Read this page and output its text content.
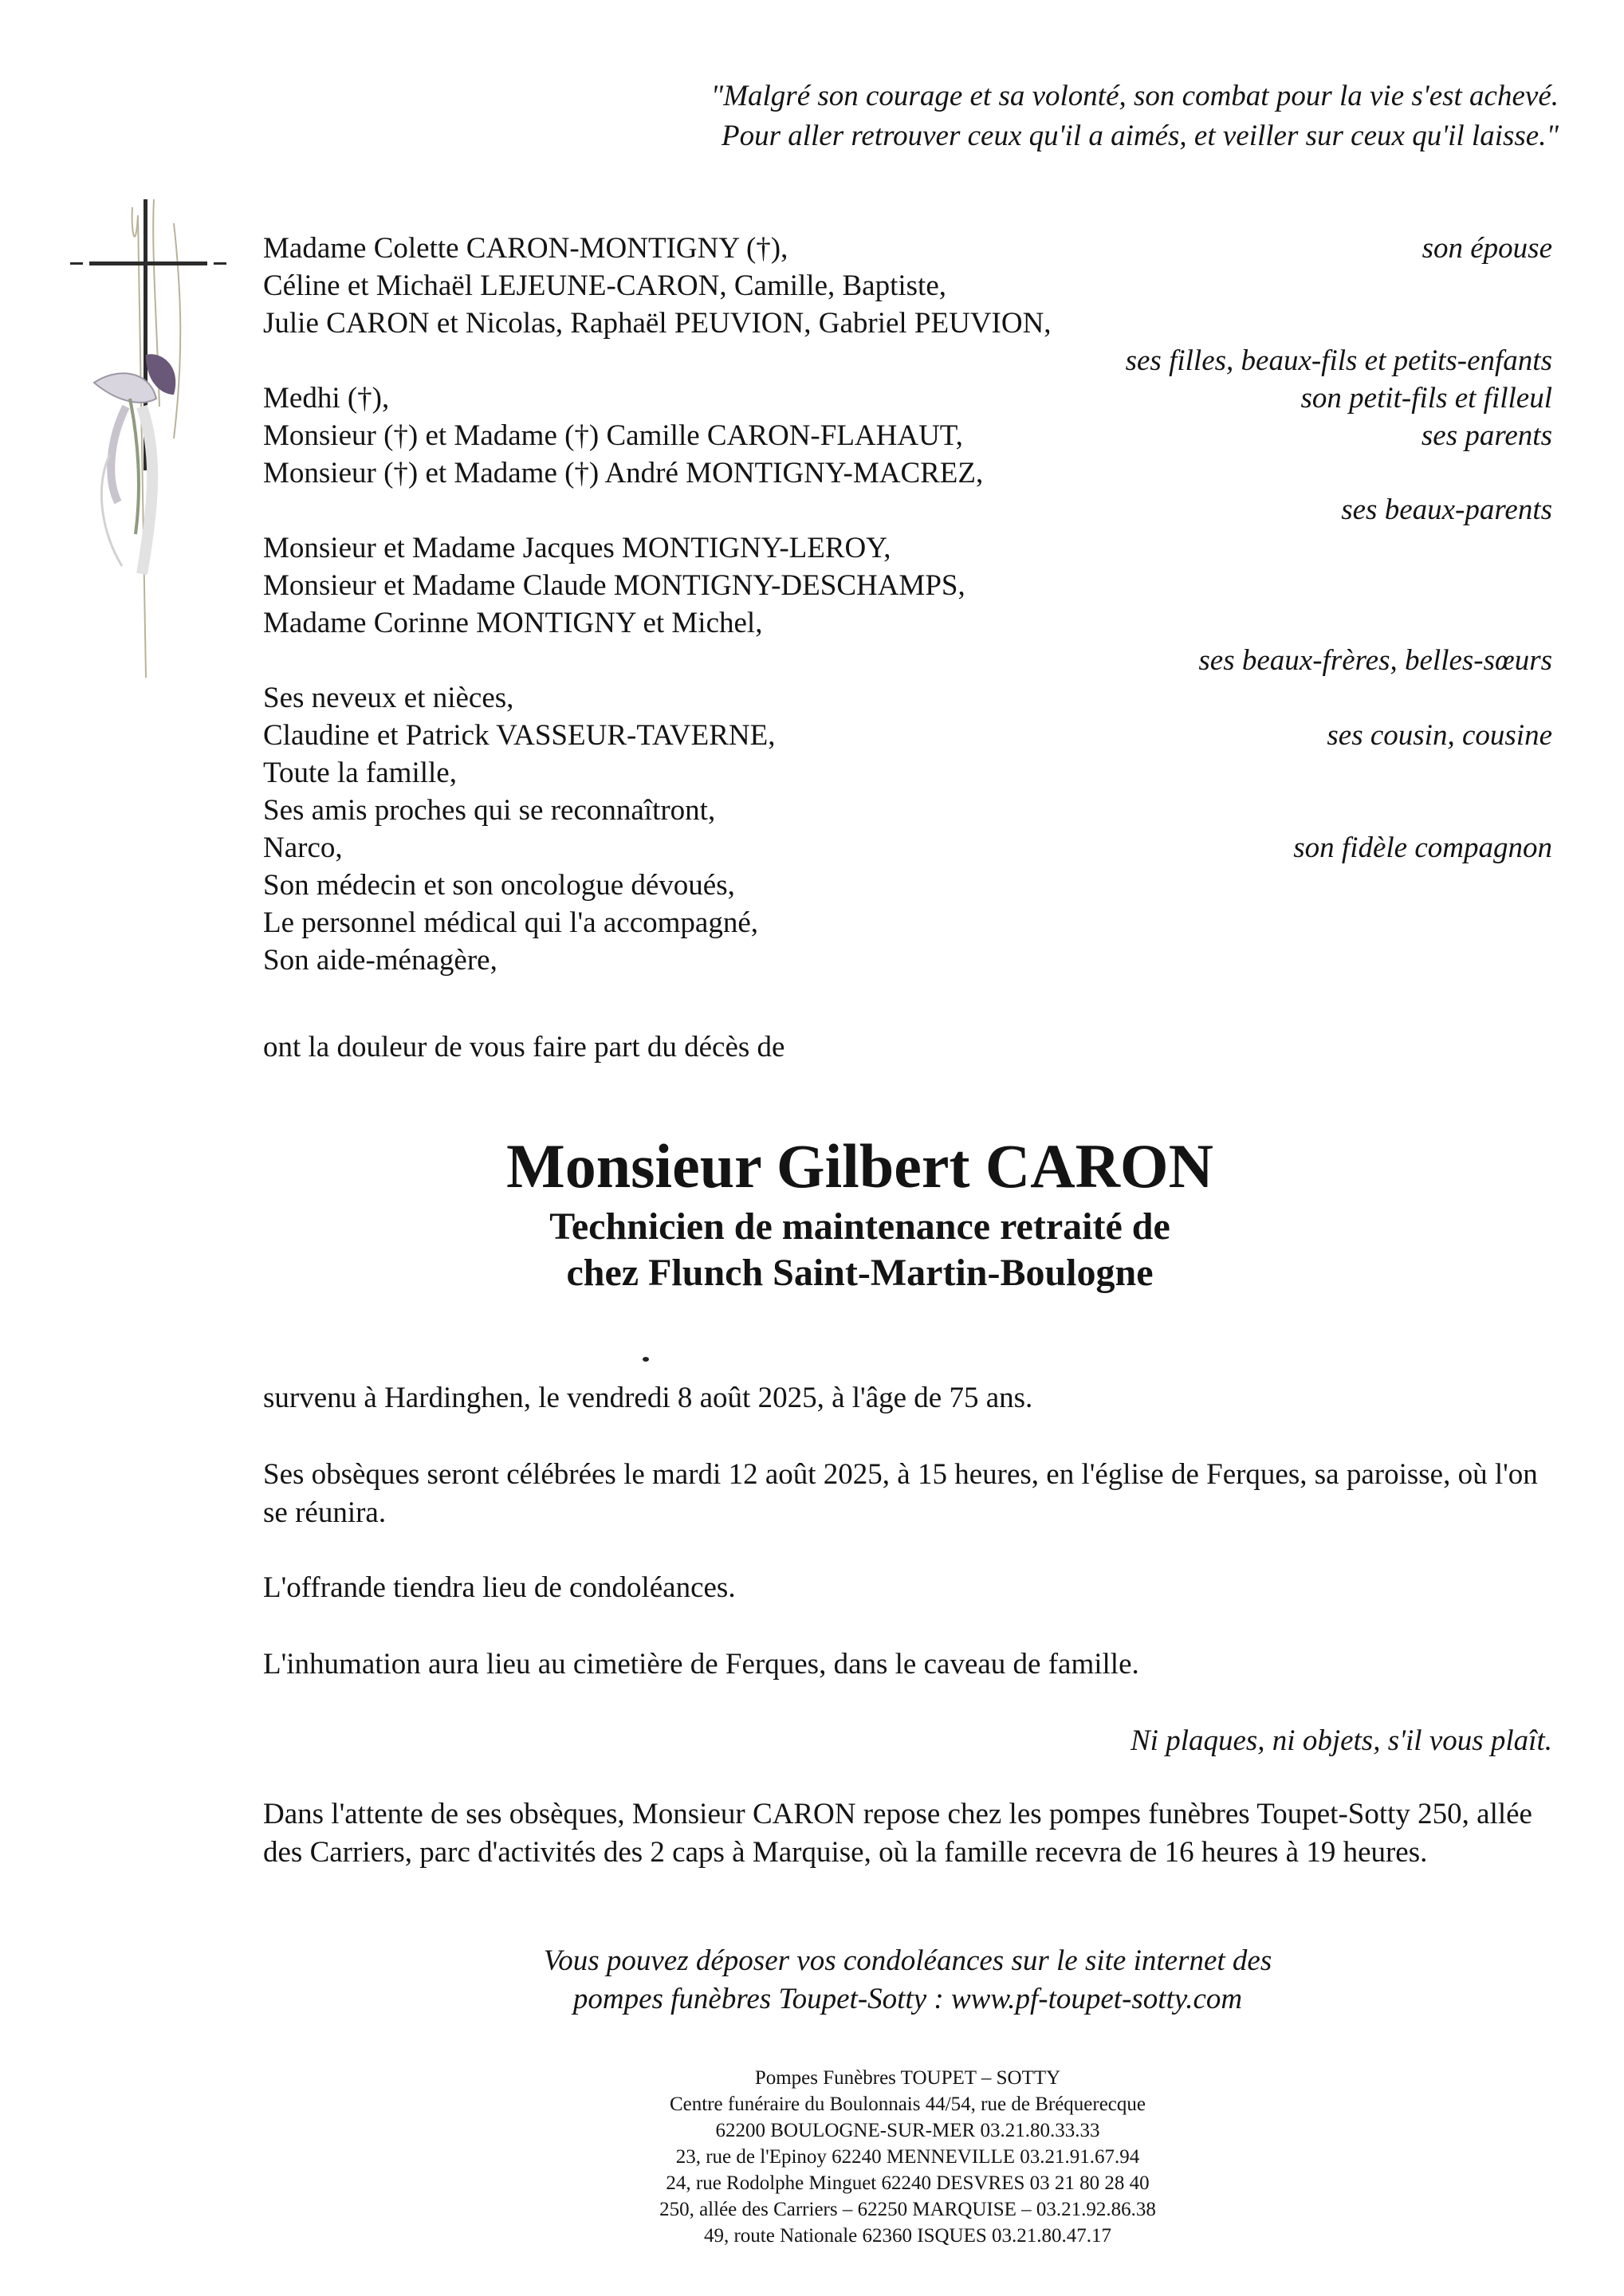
"Malgré son courage et sa volonté, son combat pour la vie s'est achevé.
Pour aller retrouver ceux qu'il a aimés, et veiller sur ceux qu'il laisse."
Madame Colette CARON-MONTIGNY (†),	son épouse
Céline et Michaël LEJEUNE-CARON, Camille, Baptiste,
Julie CARON et Nicolas, Raphaël PEUVION, Gabriel PEUVION,
ses filles, beaux-fils et petits-enfants
Medhi (†),	son petit-fils et filleul
Monsieur (†) et Madame (†) Camille CARON-FLAHAUT,	ses parents
Monsieur (†) et Madame (†) André MONTIGNY-MACREZ,
ses beaux-parents
Monsieur et Madame Jacques MONTIGNY-LEROY,
Monsieur et Madame Claude MONTIGNY-DESCHAMPS,
Madame Corinne MONTIGNY et Michel,
ses beaux-frères, belles-sœurs
Ses neveux et nièces,
Claudine et Patrick VASSEUR-TAVERNE,	ses cousin, cousine
Toute la famille,
Ses amis proches qui se reconnaîtront,
Narco,	son fidèle compagnon
Son médecin et son oncologue dévoués,
Le personnel médical qui l'a accompagné,
Son aide-ménagère,
ont la douleur de vous faire part du décès de
Monsieur Gilbert CARON
Technicien de maintenance retraité de
chez Flunch Saint-Martin-Boulogne

survenu à Hardinghen, le vendredi 8 août 2025, à l'âge de 75 ans.

Ses obsèques seront célébrées le mardi 12 août 2025, à 15 heures, en l'église de Ferques, sa paroisse, où l'on se réunira.

L'offrande tiendra lieu de condoléances.

L'inhumation aura lieu au cimetière de Ferques, dans le caveau de famille.

Ni plaques, ni objets, s'il vous plaît.

Dans l'attente de ses obsèques, Monsieur CARON repose chez les pompes funèbres Toupet-Sotty 250, allée des Carriers, parc d'activités des 2 caps à Marquise, où la famille recevra de 16 heures à 19 heures.

Vous pouvez déposer vos condoléances sur le site internet des
pompes funèbres Toupet-Sotty : www.pf-toupet-sotty.com
Pompes Funèbres TOUPET – SOTTY
Centre funéraire du Boulonnais 44/54, rue de Bréquerecque
62200 BOULOGNE-SUR-MER 03.21.80.33.33
23, rue de l'Epinoy 62240 MENNEVILLE 03.21.91.67.94
24, rue Rodolphe Minguet 62240 DESVRES 03 21 80 28 40
250, allée des Carriers – 62250 MARQUISE – 03.21.92.86.38
49, route Nationale 62360 ISQUES 03.21.80.47.17
